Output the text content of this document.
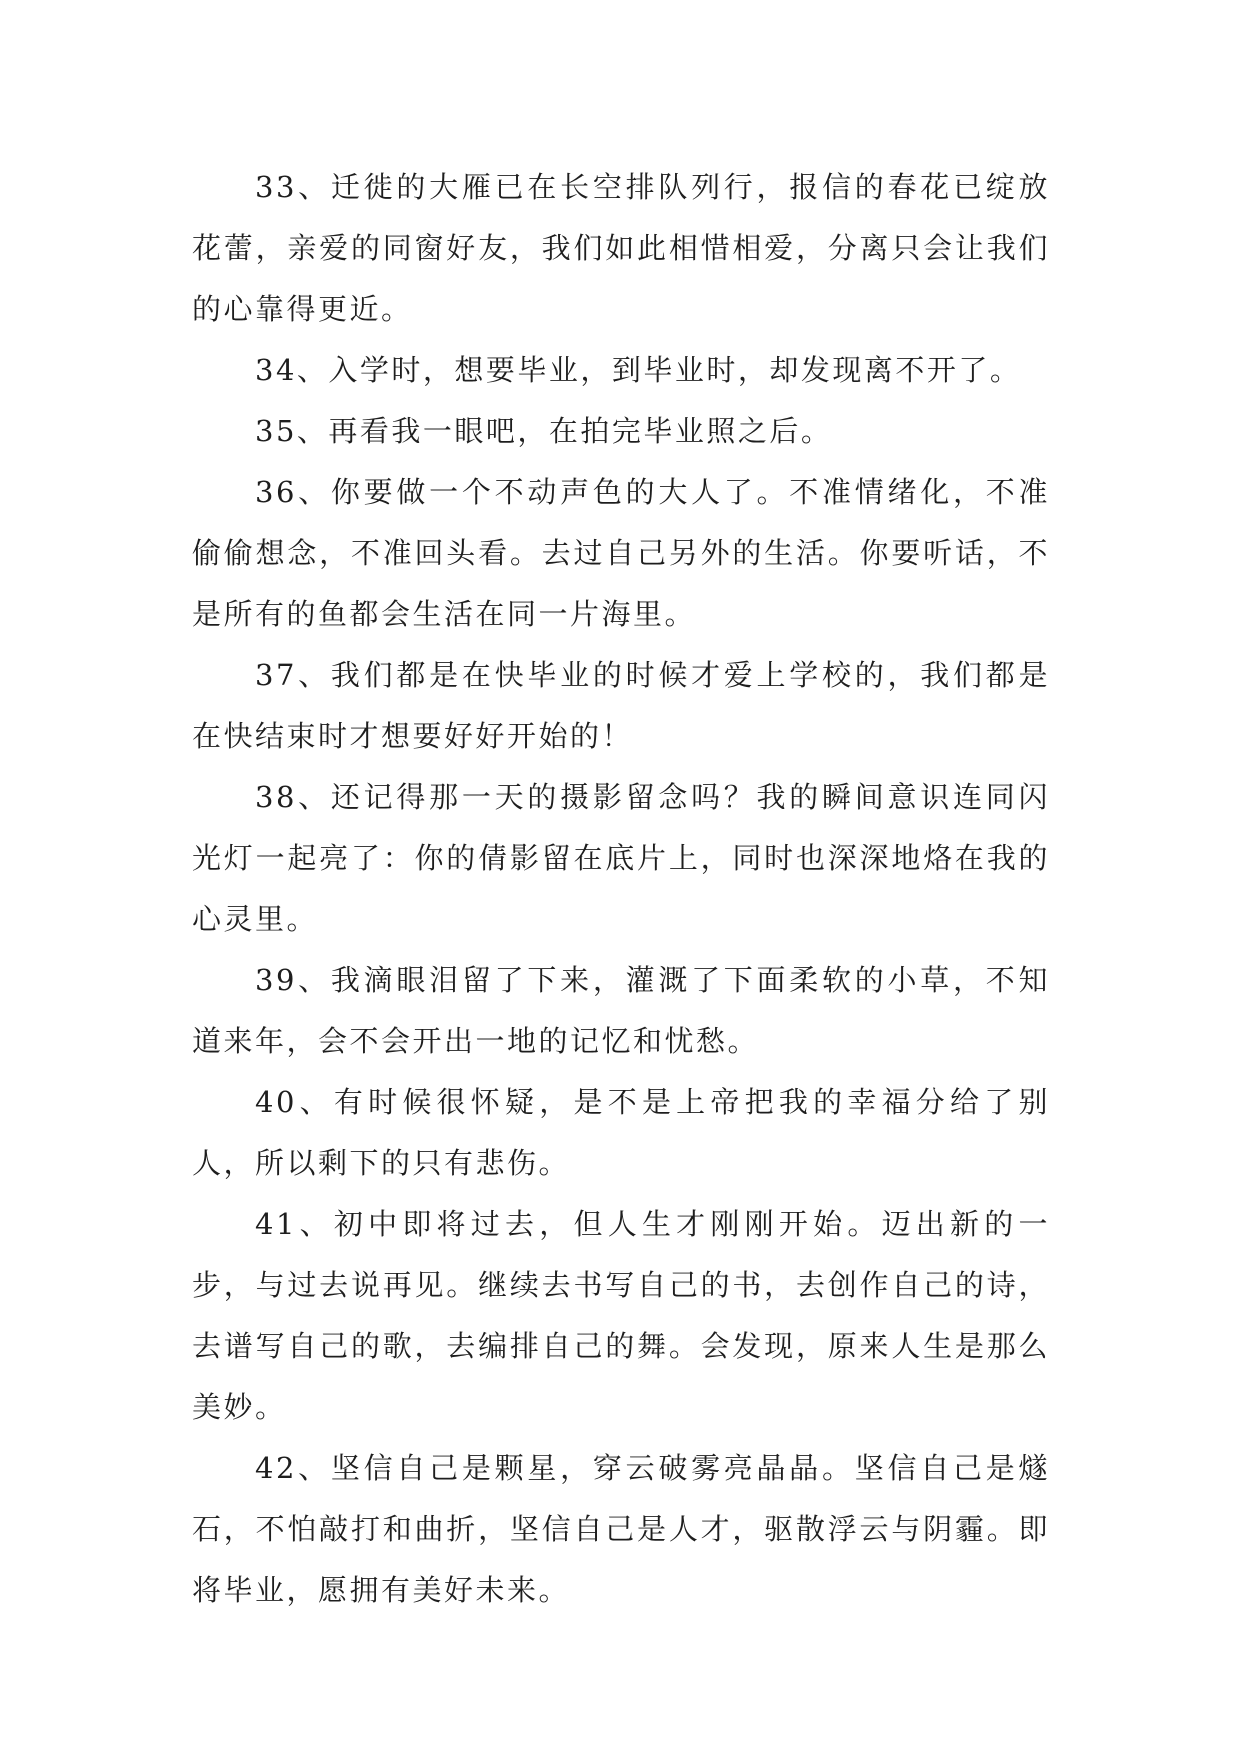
33、迁徙的大雁已在长空排队列行，报信的春花已绽放花蕾，亲爱的同窗好友，我们如此相惜相爱，分离只会让我们的心靠得更近。

34、入学时，想要毕业，到毕业时，却发现离不开了。

35、再看我一眼吧，在拍完毕业照之后。

36、你要做一个不动声色的大人了。不准情绪化，不准偷偷想念，不准回头看。去过自己另外的生活。你要听话，不是所有的鱼都会生活在同一片海里。

37、我们都是在快毕业的时候才爱上学校的，我们都是在快结束时才想要好好开始的！

38、还记得那一天的摄影留念吗？我的瞬间意识连同闪光灯一起亮了：你的倩影留在底片上，同时也深深地烙在我的心灵里。

39、我滴眼泪留了下来，灌溉了下面柔软的小草，不知道来年，会不会开出一地的记忆和忧愁。

40、有时候很怀疑，是不是上帝把我的幸福分给了别人，所以剩下的只有悲伤。

41、初中即将过去，但人生才刚刚开始。迈出新的一步，与过去说再见。继续去书写自己的书，去创作自己的诗，去谱写自己的歌，去编排自己的舞。会发现，原来人生是那么美妙。

42、坚信自己是颗星，穿云破雾亮晶晶。坚信自己是燧石，不怕敲打和曲折，坚信自己是人才，驱散浮云与阴霾。即将毕业，愿拥有美好未来。
